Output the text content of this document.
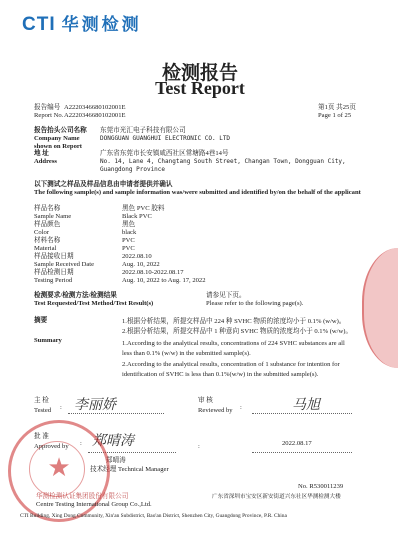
CTI 华测检测
检测报告
Test Report
报告编号
Report No.
A2220346680102001E
A2220346680102001E
第1页 共25页
Page 1 of 25
报告抬头公司名称
Company Name shown on Report
东莞市光汇电子科技有限公司
DONGGUAN GUANGHUI ELECTRONIC CO. LTD
地 址
Address
广东省东莞市长安镇咸西社区常塘路4巷14号
No. 14, Lane 4, Changtang South Street, Changan Town, Dongguan City,
Guangdong Province
以下测试之样品及样品信息由申请者提供并确认
The following sample(s) and sample information was/were submitted and identified by/on the behalf of the applicant
样品名称
Sample Name
黑色 PVC 胶料
Black PVC
样品颜色
Color
黑色
black
材料名称
Material
PVC
PVC
样品接收日期
Sample Received Date
2022.08.10
Aug. 10, 2022
样品检测日期
Testing Period
2022.08.10-2022.08.17
Aug. 10, 2022 to Aug. 17, 2022
检测要求/检测方法/检测结果
Test Requested/Test Method/Test Result(s)
请参见下页。
Please refer to the following page(s).
摘要
Summary
1.根据分析结果，所提交样品中 224 种 SVHC 物质的浓度均小于 0.1% (w/w)。
2.根据分析结果，所提交样品中 1 种意向 SVHC 物质的浓度均小于 0.1% (w/w)。
1.According to the analytical results, concentrations of 224 SVHC substances are all
less than 0.1% (w/w) in the submitted sample(s).
2.According to the analytical results, concentration of 1 substance for intention for
identification of SVHC is less than 0.1%(w/w) in the submitted sample(s).
主 检
Tested : 李丽娇	审 核
Reviewed by :	马旭
批 准
Approved by : 郑晴涛
郑晴涛
技术经理 Technical Manager
:	2022.08.17
★
No. R530011239
华测检测认证集团股份有限公司	广东省深圳市宝安区新安街道兴东社区华测检测大楼
Centre Testing International Group Co.,Ltd.
CTI Building, Xing Dong Community, Xin'an Subdistrict, Bao'an District, Shenzhen City, Guangdong Province, P.R. China
